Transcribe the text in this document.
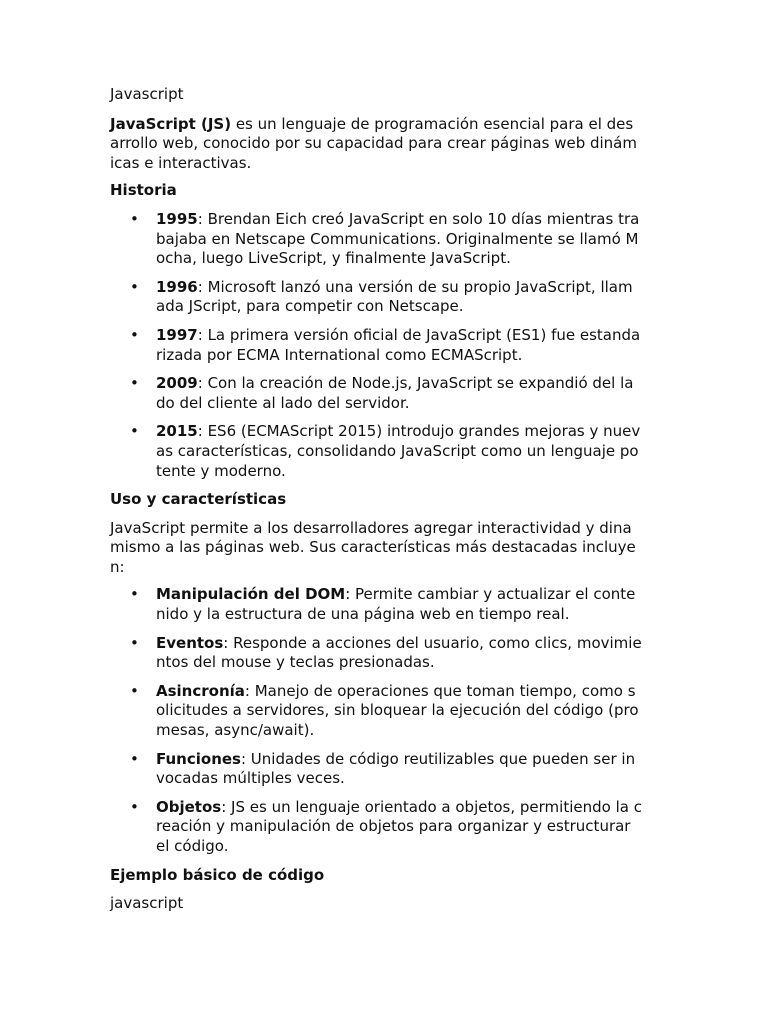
Javascript
JavaScript (JS) es un lenguaje de programación esencial para el des
arrollo web, conocido por su capacidad para crear páginas web dinám
icas e interactivas.
Historia
• 1995: Brendan Eich creó JavaScript en solo 10 días mientras tra
bajaba en Netscape Communications. Originalmente se llamó M
ocha, luego LiveScript, y finalmente JavaScript.
• 1996: Microsoft lanzó una versión de su propio JavaScript, llam
ada JScript, para competir con Netscape.
• 1997: La primera versión oficial de JavaScript (ES1) fue estanda
rizada por ECMA International como ECMAScript.
• 2009: Con la creación de Node.js, JavaScript se expandió del la
do del cliente al lado del servidor.
• 2015: ES6 (ECMAScript 2015) introdujo grandes mejoras y nuev
as características, consolidando JavaScript como un lenguaje po
tente y moderno.
Uso y características
JavaScript permite a los desarrolladores agregar interactividad y dina
mismo a las páginas web. Sus características más destacadas incluye
n:
• Manipulación del DOM: Permite cambiar y actualizar el conte
nido y la estructura de una página web en tiempo real.
• Eventos: Responde a acciones del usuario, como clics, movimie
ntos del mouse y teclas presionadas.
• Asincronía: Manejo de operaciones que toman tiempo, como s
olicitudes a servidores, sin bloquear la ejecución del código (pro
mesas, async/await).
• Funciones: Unidades de código reutilizables que pueden ser in
vocadas múltiples veces.
• Objetos: JS es un lenguaje orientado a objetos, permitiendo la c
reación y manipulación de objetos para organizar y estructurar
el código.
Ejemplo básico de código
javascript
